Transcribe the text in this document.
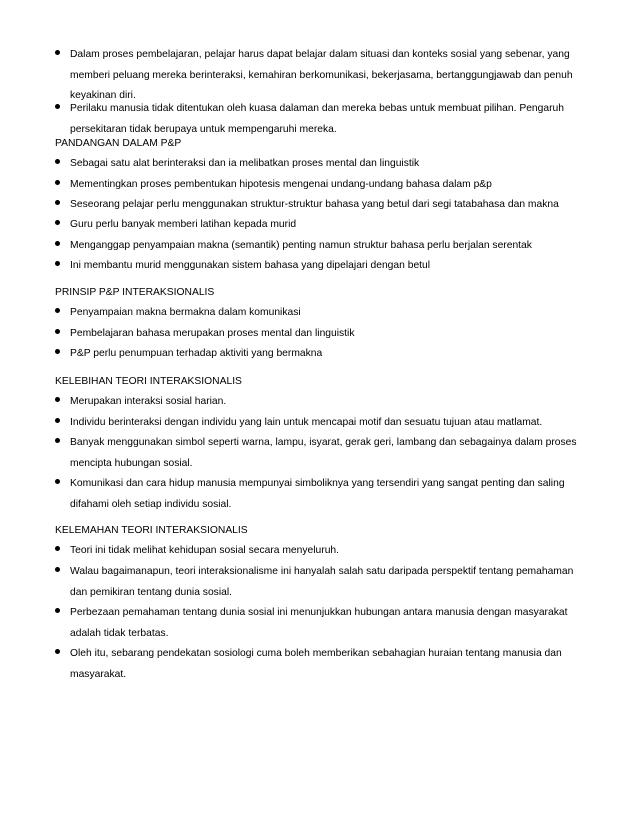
Dalam proses pembelajaran, pelajar harus dapat belajar dalam situasi dan konteks sosial yang sebenar, yang memberi peluang mereka berinteraksi, kemahiran berkomunikasi, bekerjasama, bertanggungjawab dan penuh keyakinan diri.
Perilaku manusia tidak ditentukan oleh kuasa dalaman dan mereka bebas untuk membuat pilihan. Pengaruh persekitaran tidak berupaya untuk mempengaruhi mereka.
PANDANGAN DALAM P&P
Sebagai satu alat berinteraksi dan ia melibatkan proses mental dan linguistik
Mementingkan proses pembentukan hipotesis mengenai undang-undang bahasa dalam p&p
Seseorang pelajar perlu menggunakan struktur-struktur bahasa yang betul dari segi tatabahasa dan makna
Guru perlu banyak memberi latihan kepada murid
Menganggap penyampaian makna (semantik) penting namun struktur bahasa perlu berjalan serentak
Ini membantu murid menggunakan sistem bahasa yang dipelajari dengan betul
PRINSIP P&P INTERAKSIONALIS
Penyampaian makna bermakna dalam komunikasi
Pembelajaran bahasa merupakan proses mental dan linguistik
P&P perlu penumpuan terhadap aktiviti yang bermakna
KELEBIHAN TEORI INTERAKSIONALIS
Merupakan interaksi sosial harian.
Individu berinteraksi dengan individu yang lain untuk mencapai motif dan sesuatu tujuan atau matlamat.
Banyak menggunakan simbol seperti warna, lampu, isyarat, gerak geri, lambang dan sebagainya dalam proses mencipta hubungan sosial.
Komunikasi dan cara hidup manusia mempunyai simboliknya yang tersendiri yang sangat penting dan saling difahami oleh setiap individu sosial.
KELEMAHAN TEORI INTERAKSIONALIS
Teori ini tidak melihat kehidupan sosial secara menyeluruh.
Walau bagaimanapun, teori interaksionalisme ini hanyalah salah satu daripada perspektif tentang pemahaman dan pemikiran tentang dunia sosial.
Perbezaan pemahaman tentang dunia sosial ini menunjukkan hubungan antara manusia dengan masyarakat adalah tidak terbatas.
Oleh itu, sebarang pendekatan sosiologi cuma boleh memberikan sebahagian huraian tentang manusia dan masyarakat.
